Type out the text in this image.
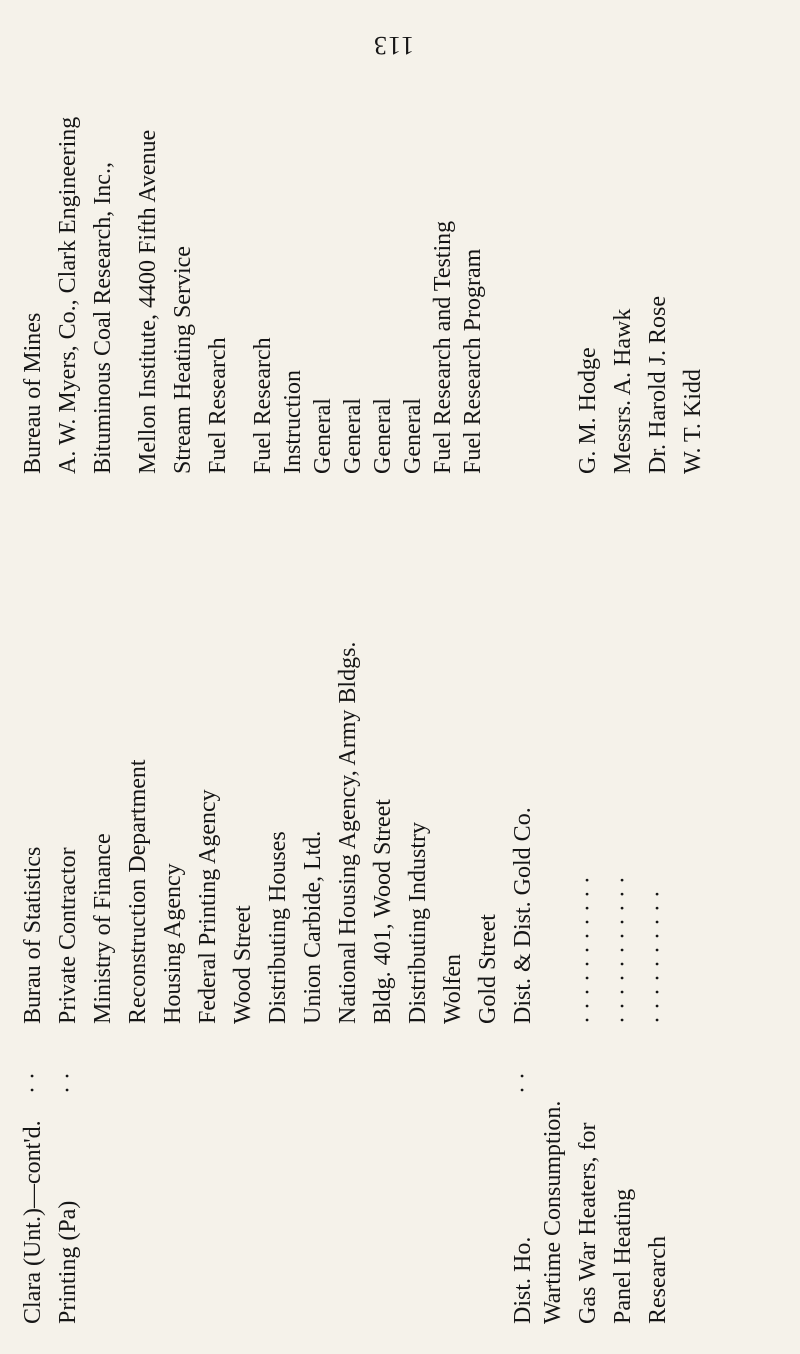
113
Clara (Unt.)—cont'd.
· ·
Burau of Statistics
Printing (Pa)
· ·
Private Contractor Ministry of Finance Reconstruction Department Housing Agency Federal Printing Agency Wood Street Distributing Houses Union Carbide, Ltd. National Housing Agency, Army Bldgs. Bldg. 401, Wood Street Distributing Industry Wolfen Gold Street
Dist. Ho.
· ·
Dist. & Dist. Gold Co.
Wartime Consumption. Gas War Heaters, for
· · · · · · · · · · ·
G. M. Hodge
Panel Heating
· · · · · · · · · · ·
Messrs. A. Hawk
Research
· · · · · · · · · ·
Dr. Harold J. Rose W. T. Kidd
Bureau of Mines A. W. Myers, Co., Clark Engineering Bituminous Coal Research, Inc., Mellon Institute, 4400 Fifth Avenue Stream Heating Service Fuel Research Fuel Research Instruction General General General General Fuel Research and Testing Fuel Research Program
